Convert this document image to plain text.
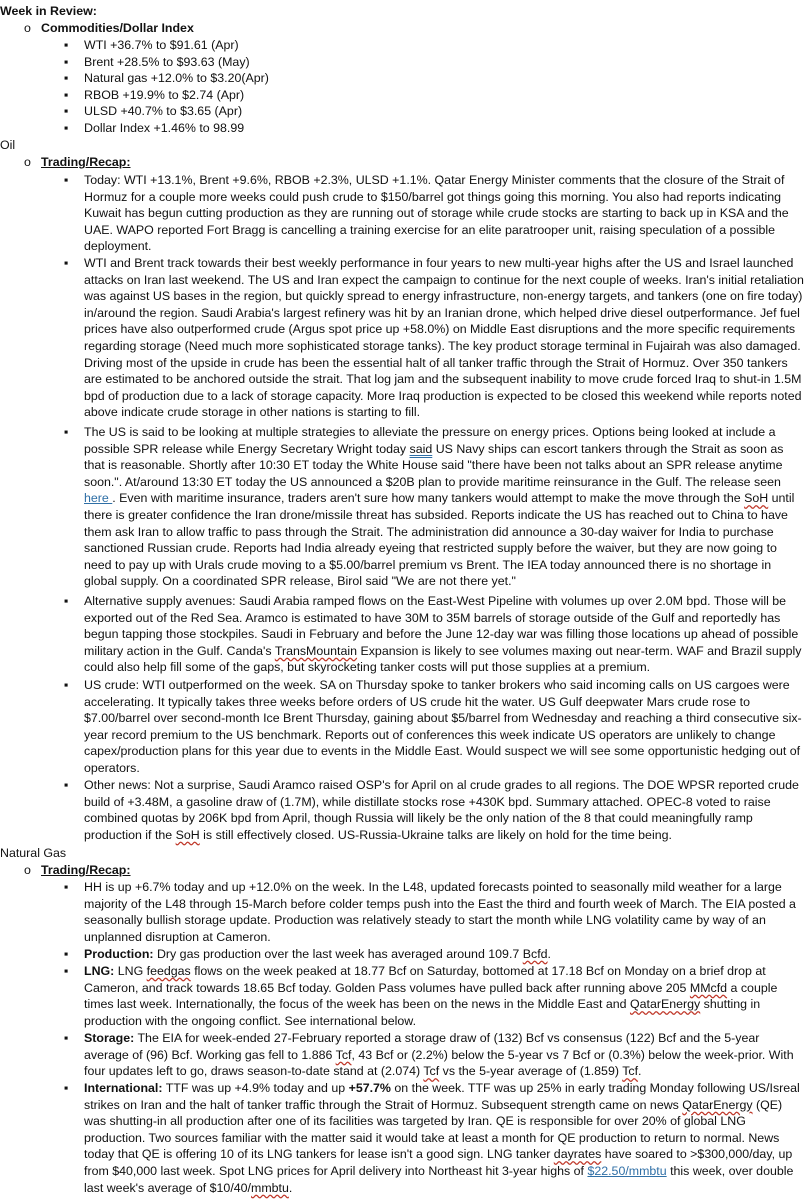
Week in Review:
o Commodities/Dollar Index
▪ WTI +36.7% to $91.61 (Apr)
▪ Brent +28.5% to $93.63 (May)
▪ Natural gas +12.0% to $3.20(Apr)
▪ RBOB +19.9% to $2.74 (Apr)
▪ ULSD +40.7% to $3.65 (Apr)
▪ Dollar Index +1.46% to 98.99
Oil
o Trading/Recap:
▪ Today: WTI +13.1%, Brent +9.6%, RBOB +2.3%, ULSD +1.1%. Qatar Energy Minister comments that the closure of the Strait of Hormuz for a couple more weeks could push crude to $150/barrel got things going this morning. You also had reports indicating Kuwait has begun cutting production as they are running out of storage while crude stocks are starting to back up in KSA and the UAE. WAPO reported Fort Bragg is cancelling a training exercise for an elite paratrooper unit, raising speculation of a possible deployment.
▪ WTI and Brent track towards their best weekly performance in four years to new multi-year highs after the US and Israel launched attacks on Iran last weekend. The US and Iran expect the campaign to continue for the next couple of weeks. Iran's initial retaliation was against US bases in the region, but quickly spread to energy infrastructure, non-energy targets, and tankers (one on fire today) in/around the region. Saudi Arabia's largest refinery was hit by an Iranian drone, which helped drive diesel outperformance. Jef fuel prices have also outperformed crude (Argus spot price up +58.0%) on Middle East disruptions and the more specific requirements regarding storage (Need much more sophisticated storage tanks). The key product storage terminal in Fujairah was also damaged. Driving most of the upside in crude has been the essential halt of all tanker traffic through the Strait of Hormuz. Over 350 tankers are estimated to be anchored outside the strait. That log jam and the subsequent inability to move crude forced Iraq to shut-in 1.5M bpd of production due to a lack of storage capacity. More Iraq production is expected to be closed this weekend while reports noted above indicate crude storage in other nations is starting to fill.
▪ The US is said to be looking at multiple strategies to alleviate the pressure on energy prices. Options being looked at include a possible SPR release while Energy Secretary Wright today said US Navy ships can escort tankers through the Strait as soon as that is reasonable. Shortly after 10:30 ET today the White House said "there have been not talks about an SPR release anytime soon.". At/around 13:30 ET today the US announced a $20B plan to provide maritime reinsurance in the Gulf. The release seen here . Even with maritime insurance, traders aren't sure how many tankers would attempt to make the move through the SoH until there is greater confidence the Iran drone/missile threat has subsided. Reports indicate the US has reached out to China to have them ask Iran to allow traffic to pass through the Strait. The administration did announce a 30-day waiver for India to purchase sanctioned Russian crude. Reports had India already eyeing that restricted supply before the waiver, but they are now going to need to pay up with Urals crude moving to a $5.00/barrel premium vs Brent. The IEA today announced there is no shortage in global supply. On a coordinated SPR release, Birol said "We are not there yet."
▪ Alternative supply avenues: Saudi Arabia ramped flows on the East-West Pipeline with volumes up over 2.0M bpd. Those will be exported out of the Red Sea. Aramco is estimated to have 30M to 35M barrels of storage outside of the Gulf and reportedly has begun tapping those stockpiles. Saudi in February and before the June 12-day war was filling those locations up ahead of possible military action in the Gulf. Canda's TransMountain Expansion is likely to see volumes maxing out near-term. WAF and Brazil supply could also help fill some of the gaps, but skyrocketing tanker costs will put those supplies at a premium.
▪ US crude: WTI outperformed on the week. SA on Thursday spoke to tanker brokers who said incoming calls on US cargoes were accelerating. It typically takes three weeks before orders of US crude hit the water. US Gulf deepwater Mars crude rose to $7.00/barrel over second-month Ice Brent Thursday, gaining about $5/barrel from Wednesday and reaching a third consecutive six-year record premium to the US benchmark. Reports out of conferences this week indicate US operators are unlikely to change capex/production plans for this year due to events in the Middle East. Would suspect we will see some opportunistic hedging out of operators.
▪ Other news: Not a surprise, Saudi Aramco raised OSP's for April on al crude grades to all regions. The DOE WPSR reported crude build of +3.48M, a gasoline draw of (1.7M), while distillate stocks rose +430K bpd. Summary attached. OPEC-8 voted to raise combined quotas by 206K bpd from April, though Russia will likely be the only nation of the 8 that could meaningfully ramp production if the SoH is still effectively closed. US-Russia-Ukraine talks are likely on hold for the time being.
Natural Gas
o Trading/Recap:
▪ HH is up +6.7% today and up +12.0% on the week. In the L48, updated forecasts pointed to seasonally mild weather for a large majority of the L48 through 15-March before colder temps push into the East the third and fourth week of March. The EIA posted a seasonally bullish storage update. Production was relatively steady to start the month while LNG volatility came by way of an unplanned disruption at Cameron.
▪ Production: Dry gas production over the last week has averaged around 109.7 Bcfd.
▪ LNG: LNG feedgas flows on the week peaked at 18.77 Bcf on Saturday, bottomed at 17.18 Bcf on Monday on a brief drop at Cameron, and track towards 18.65 Bcf today. Golden Pass volumes have pulled back after running above 205 MMcfd a couple times last week. Internationally, the focus of the week has been on the news in the Middle East and QatarEnergy shutting in production with the ongoing conflict. See international below.
▪ Storage: The EIA for week-ended 27-February reported a storage draw of (132) Bcf vs consensus (122) Bcf and the 5-year average of (96) Bcf. Working gas fell to 1.886 Tcf, 43 Bcf or (2.2%) below the 5-year vs 7 Bcf or (0.3%) below the week-prior. With four updates left to go, draws season-to-date stand at (2.074) Tcf vs the 5-year average of (1.859) Tcf.
▪ International: TTF was up +4.9% today and up +57.7% on the week. TTF was up 25% in early trading Monday following US/Isreal strikes on Iran and the halt of tanker traffic through the Strait of Hormuz. Subsequent strength came on news QatarEnergy (QE) was shutting-in all production after one of its facilities was targeted by Iran. QE is responsible for over 20% of global LNG production. Two sources familiar with the matter said it would take at least a month for QE production to return to normal. News today that QE is offering 10 of its LNG tankers for lease isn't a good sign. LNG tanker dayrates have soared to >$300,000/day, up from $40,000 last week. Spot LNG prices for April delivery into Northeast hit 3-year highs of $22.50/mmbtu this week, over double last week's average of $10/40/mmbtu.
